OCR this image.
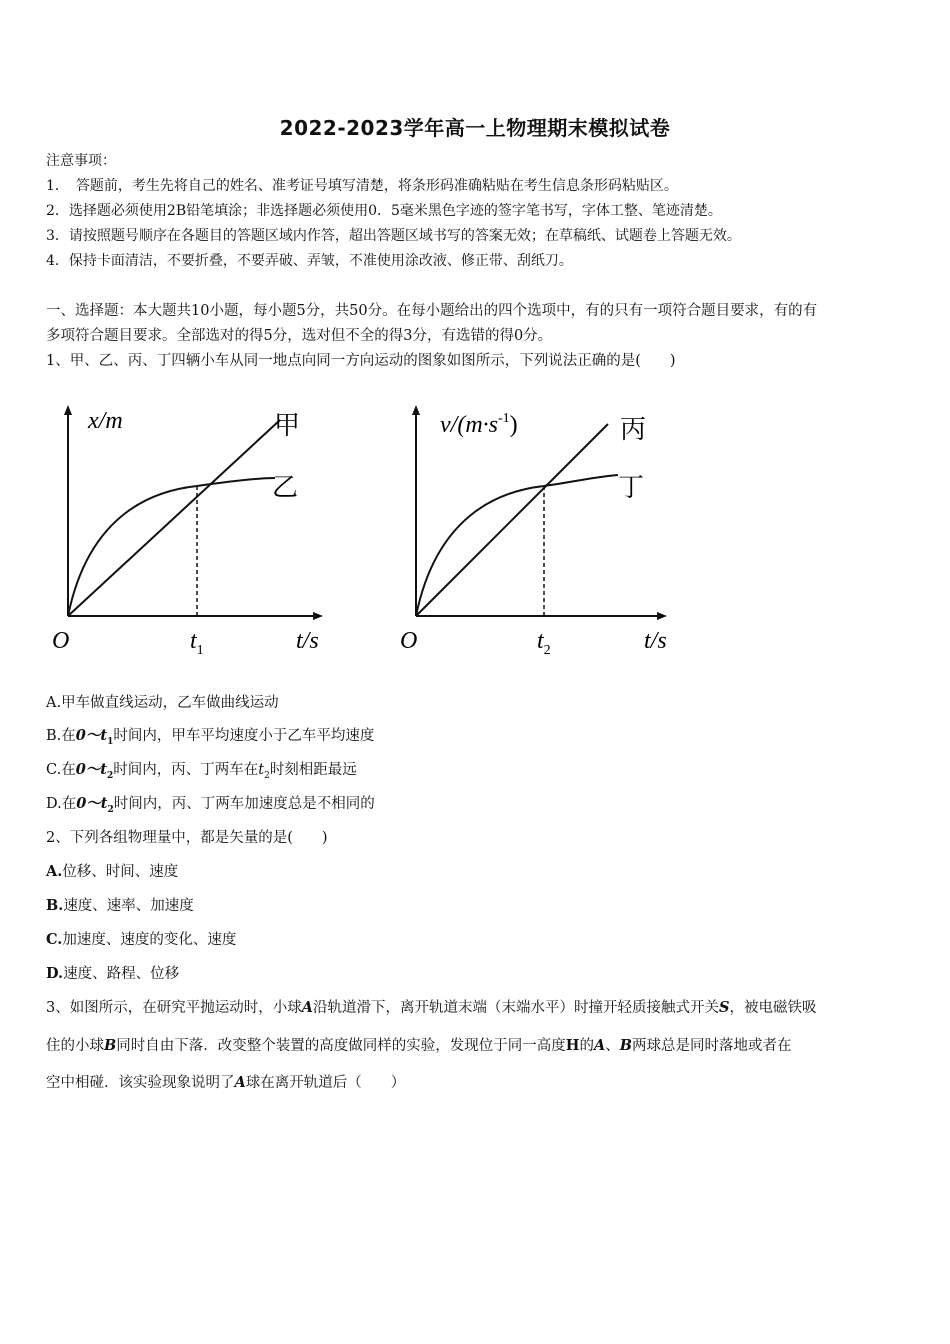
2022-2023学年高一上物理期末模拟试卷
注意事项：
1．　答题前，考生先将自己的姓名、准考证号填写清楚，将条形码准确粘贴在考生信息条形码粘贴区。
2．选择题必须使用2B铅笔填涂；非选择题必须使用0．5毫米黑色字迹的签字笔书写，字体工整、笔迹清楚。
3．请按照题号顺序在各题目的答题区域内作答，超出答题区域书写的答案无效；在草稿纸、试题卷上答题无效。
4．保持卡面清洁，不要折叠，不要弄破、弄皱，不准使用涂改液、修正带、刮纸刀。
一、选择题：本大题共10小题，每小题5分，共50分。在每小题给出的四个选项中，有的只有一项符合题目要求，有的有
多项符合题目要求。全部选对的得5分，选对但不全的得3分，有选错的得0分。
1、甲、乙、丙、丁四辆小车从同一地点向同一方向运动的图象如图所示，下列说法正确的是(　　)
x/m
O	$t_1$	t/s
甲
乙
$v/(m\cdot s^{-1})$
O	$t_2$	t/s
丙
丁
A.甲车做直线运动，乙车做曲线运动
B.在$0\sim t_1$时间内，甲车平均速度小于乙车平均速度
C.在$0\sim t_2$时间内，丙、丁两车在$t_2$时刻相距最远
D.在$0\sim t_2$时间内，丙、丁两车加速度总是不相同的
2、下列各组物理量中，都是矢量的是(　　)
A.位移、时间、速度
B.速度、速率、加速度
C.加速度、速度的变化、速度
D.速度、路程、位移
3、如图所示，在研究平抛运动时，小球A沿轨道滑下，离开轨道末端（末端水平）时撞开轻质接触式开关S，被电磁铁吸
住的小球B同时自由下落．改变整个装置的高度做同样的实验，发现位于同一高度H的A、B两球总是同时落地或者在
空中相碰．该实验现象说明了A球在离开轨道后（　　）
